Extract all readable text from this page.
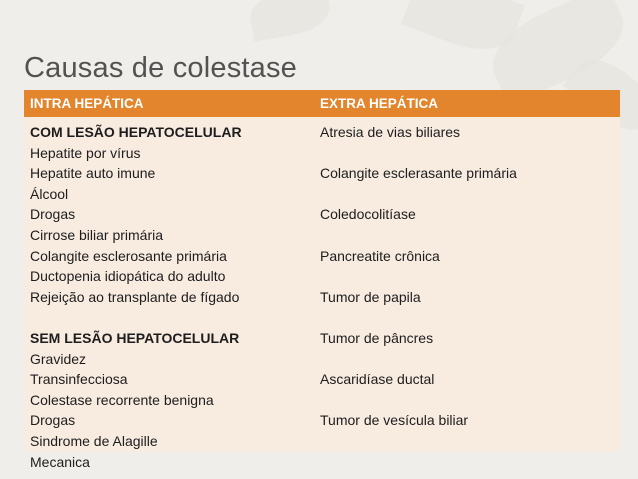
Causas de colestase
INTRA HEPÁTICA	EXTRA HEPÁTICA
COM LESÃO HEPATOCELULAR
Hepatite por vírus
Hepatite auto imune
Álcool
Drogas
Cirrose biliar primária
Colangite esclerosante primária
Ductopenia idiopática do adulto
Rejeição ao transplante de fígado
SEM LESÃO HEPATOCELULAR
Gravidez
Transinfecciosa
Colestase recorrente benigna
Drogas
Sindrome de Alagille
Mecanica
Atresia de vias biliares
Colangite esclerasante primária
Coledocolitíase
Pancreatite crônica
Tumor de papila
Tumor de pâncres
Ascaridíase ductal
Tumor de vesícula biliar
